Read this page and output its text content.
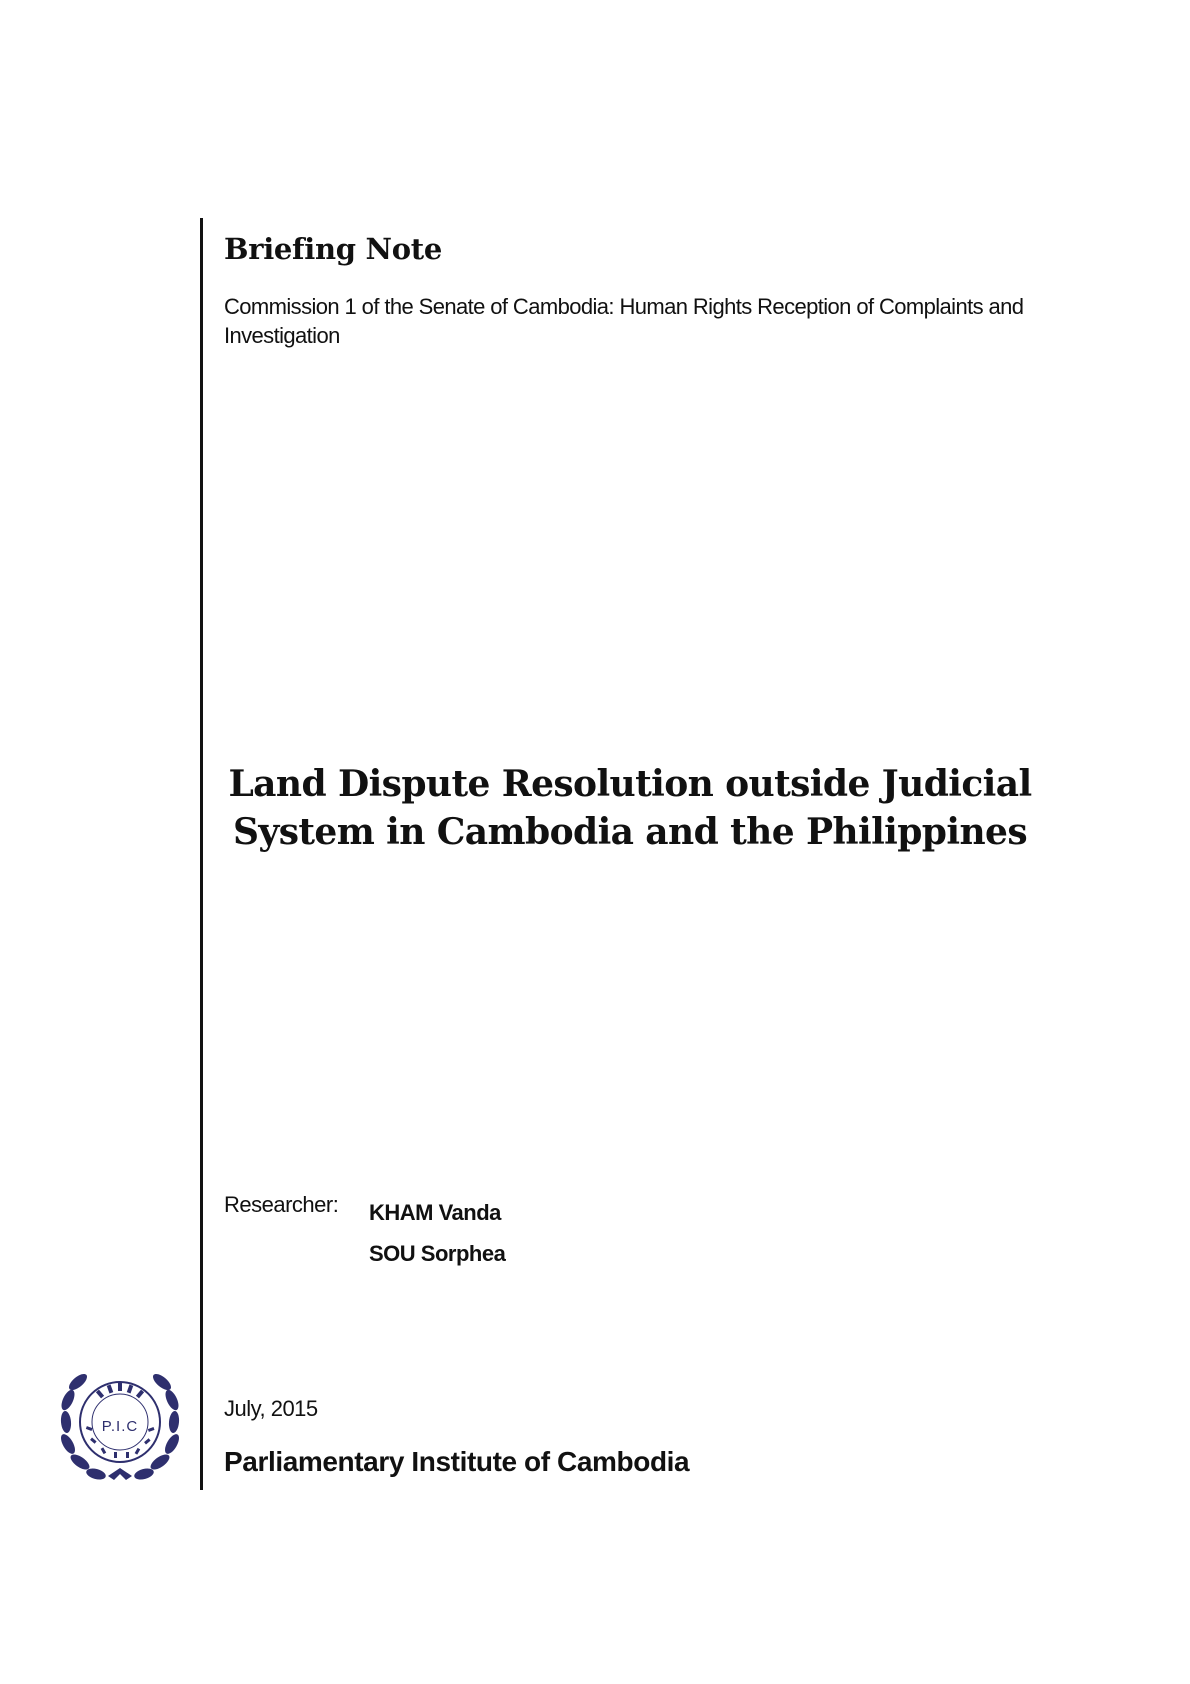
Briefing Note

Commission 1 of the Senate of Cambodia: Human Rights Reception of Complaints and Investigation

Land Dispute Resolution outside Judicial
System in Cambodia and the Philippines
Researcher: KHAM Vanda
SOU Sorphea
P.I.C
July, 2015
Parliamentary Institute of Cambodia
